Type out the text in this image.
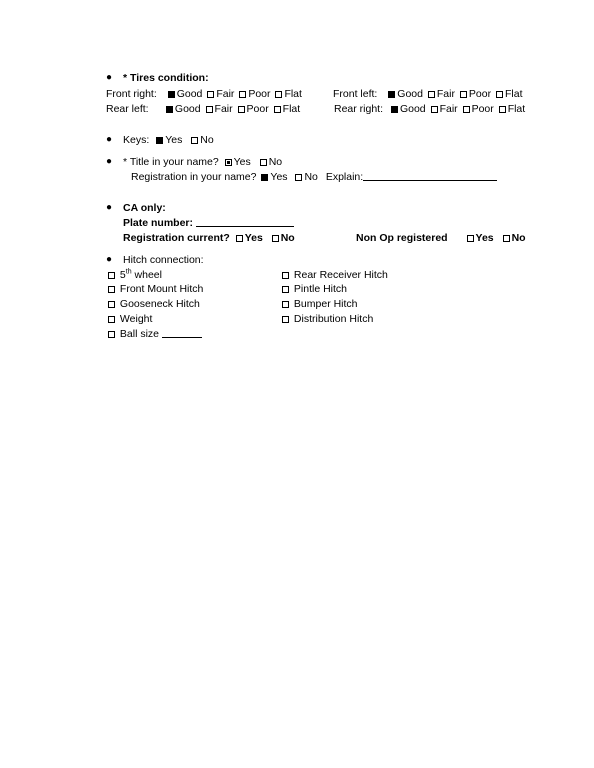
● * Tires condition:
Front right: Good Fair Poor Flat	Front left: Good Fair Poor Flat
Rear left:	Good Fair Poor Flat	Rear right: Good Fair Poor Flat
● Keys: Yes No
● * Title in your name? Yes No
Registration in your name? Yes No Explain:
● CA only:
Plate number:
Registration current? Yes No	Non Op registered	Yes No
● Hitch connection:
5th wheel
Front Mount Hitch
Gooseneck Hitch
Weight
Ball size
Rear Receiver Hitch
Pintle Hitch
Bumper Hitch
Distribution Hitch
